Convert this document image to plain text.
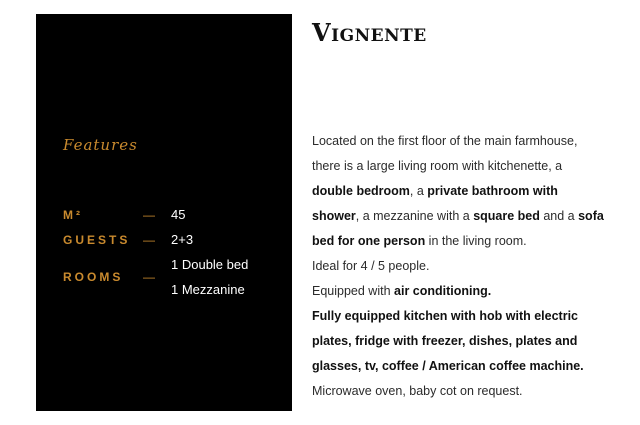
Features
M²	— 45
GUESTS — 2+3
ROOMS —
1 Double bed
1 Mezzanine
Vignente
Located on the first floor of the main farmhouse,
there is a large living room with kitchenette, a
double bedroom, a private bathroom with
shower, a mezzanine with a square bed and a sofa
bed for one person in the living room.
Ideal for 4 / 5 people.
Equipped with air conditioning.
Fully equipped kitchen with hob with electric
plates, fridge with freezer, dishes, plates and
glasses, tv, coffee / American coffee machine.
Microwave oven, baby cot on request.
